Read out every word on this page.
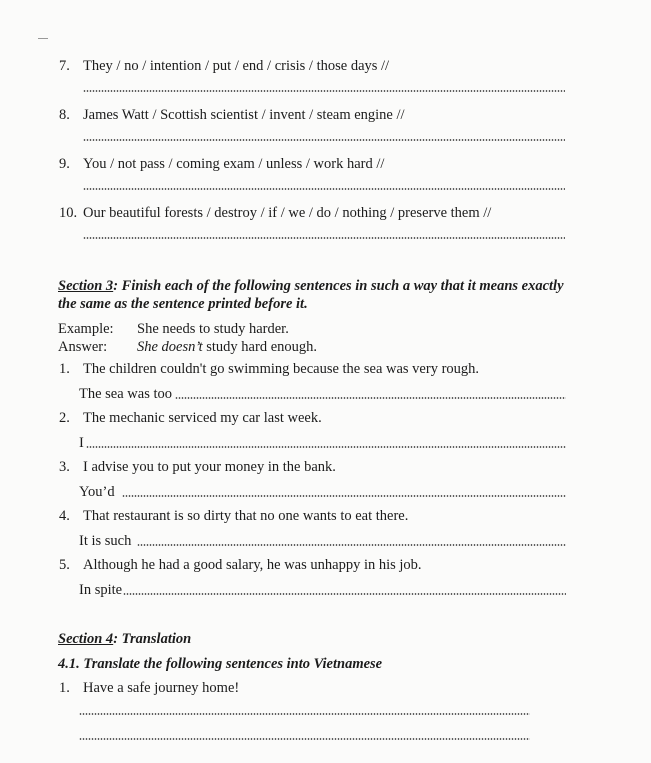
7. They / no / intention / put / end / crisis / those days //
8. James Watt / Scottish scientist / invent / steam engine //
9. You / not pass / coming exam / unless / work hard //
10. Our beautiful forests / destroy / if / we / do / nothing / preserve them //
Section 3: Finish each of the following sentences in such a way that it means exactly
the same as the sentence printed before it.
Example: She needs to study harder.
Answer: She doesn’t study hard enough.
1. The children couldn't go swimming because the sea was very rough.
The sea was too
2. The mechanic serviced my car last week.
I
3. I advise you to put your money in the bank.
You’d
4. That restaurant is so dirty that no one wants to eat there.
It is such
5. Although he had a good salary, he was unhappy in his job.
In spite
Section 4: Translation
4.1. Translate the following sentences into Vietnamese
1. Have a safe journey home!
